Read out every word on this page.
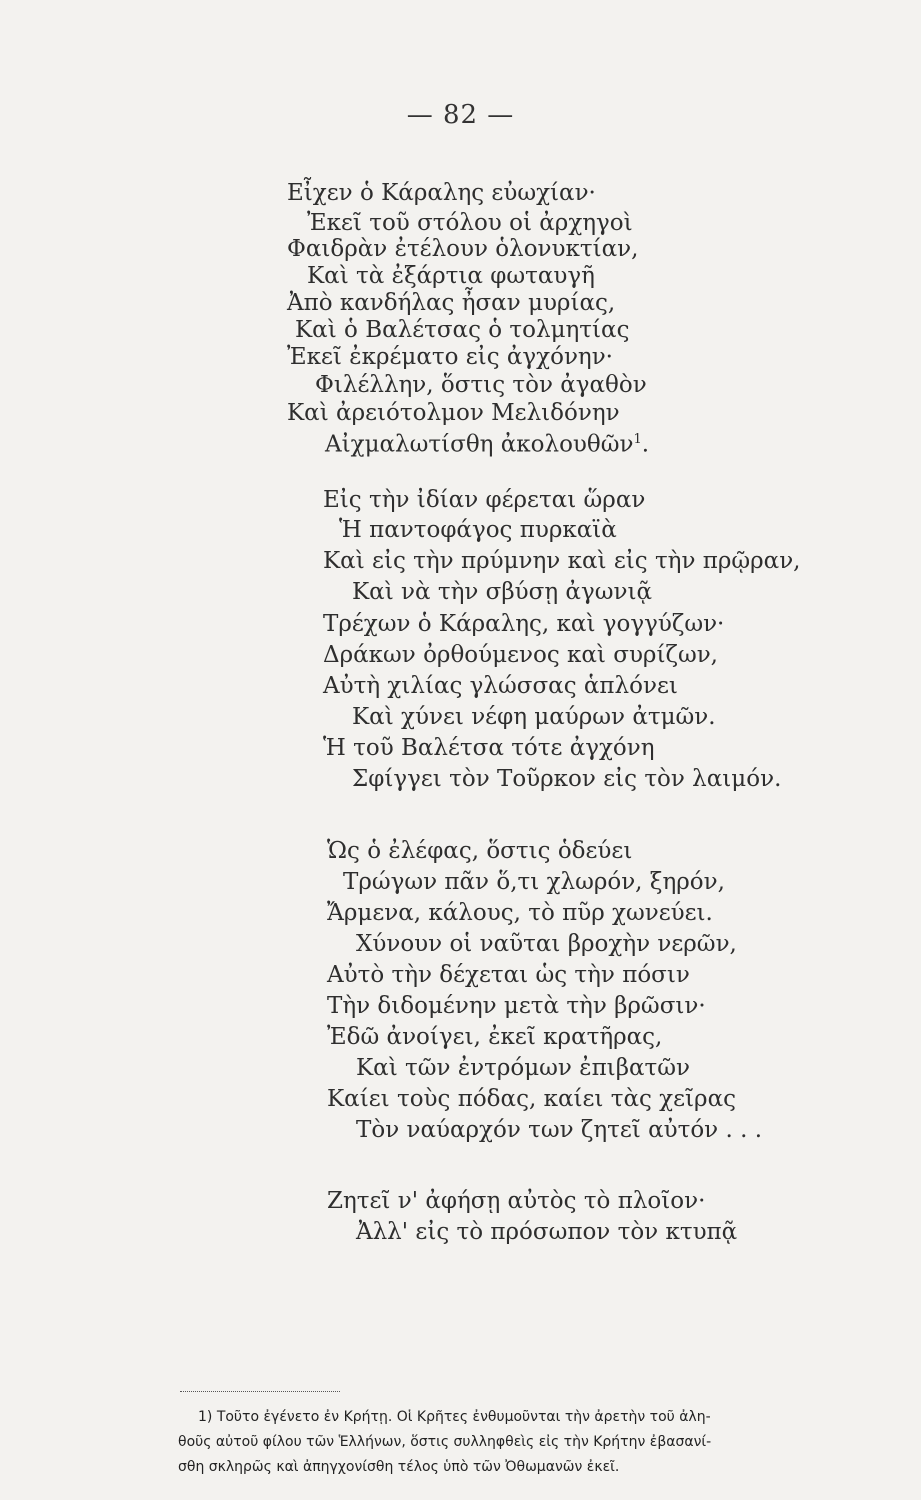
— 82 —
Εἶχεν ὁ Κάραλης εὐωχίαν·
Ἐκεῖ τοῦ στόλου οἱ ἀρχηγοὶ
Φαιδρὰν ἐτέλουν ὁλονυκτίαν,
Καὶ τὰ ἐξάρτια φωταυγῆ
Ἀπὸ κανδήλας ἦσαν μυρίας,
Καὶ ὁ Βαλέτσας ὁ τολμητίας
Ἐκεῖ ἐκρέματο εἰς ἀγχόνην·
Φιλέλλην, ὅστις τὸν ἀγαθὸν
Καὶ ἀρειότολμον Μελιδόνην
Αἰχμαλωτίσθη ἀκολουθῶν$^1$.
Εἰς τὴν ἰδίαν φέρεται ὥραν
Ἡ παντοφάγος πυρκαϊὰ
Καὶ εἰς τὴν πρύμνην καὶ εἰς τὴν πρῷραν,
Καὶ νὰ τὴν σβύσῃ ἀγωνιᾷ
Τρέχων ὁ Κάραλης, καὶ γογγύζων·
Δράκων ὀρθούμενος καὶ συρίζων,
Αὐτὴ χιλίας γλώσσας ἁπλόνει
Καὶ χύνει νέφη μαύρων ἀτμῶν.
Ἡ τοῦ Βαλέτσα τότε ἀγχόνη
Σφίγγει τὸν Τοῦρκον εἰς τὸν λαιμόν.
Ὡς ὁ ἐλέφας, ὅστις ὁδεύει
Τρώγων πᾶν ὅ,τι χλωρόν, ξηρόν,
Ἄρμενα, κάλους, τὸ πῦρ χωνεύει.
Χύνουν οἱ ναῦται βροχὴν νερῶν,
Αὐτὸ τὴν δέχεται ὡς τὴν πόσιν
Τὴν διδομένην μετὰ τὴν βρῶσιν·
Ἐδῶ ἀνοίγει, ἐκεῖ κρατῆρας,
Καὶ τῶν ἐντρόμων ἐπιβατῶν
Καίει τοὺς πόδας, καίει τὰς χεῖρας
Τὸν ναύαρχόν των ζητεῖ αὐτόν . . .
Ζητεῖ ν' ἀφήσῃ αὐτὸς τὸ πλοῖον·
Ἀλλ' εἰς τὸ πρόσωπον τὸν κτυπᾷ
1) Τοῦτο ἐγένετο ἐν Κρήτῃ. Οἱ Κρῆτες ἐνθυμοῦνται τὴν ἀρετὴν τοῦ ἀλη-
θοῦς αὐτοῦ φίλου τῶν Ἑλλήνων, ὅστις συλληφθεὶς εἰς τὴν Κρήτην ἐβασανί-
σθη σκληρῶς καὶ ἀπηγχονίσθη τέλος ὑπὸ τῶν Ὀθωμανῶν ἐκεῖ.
